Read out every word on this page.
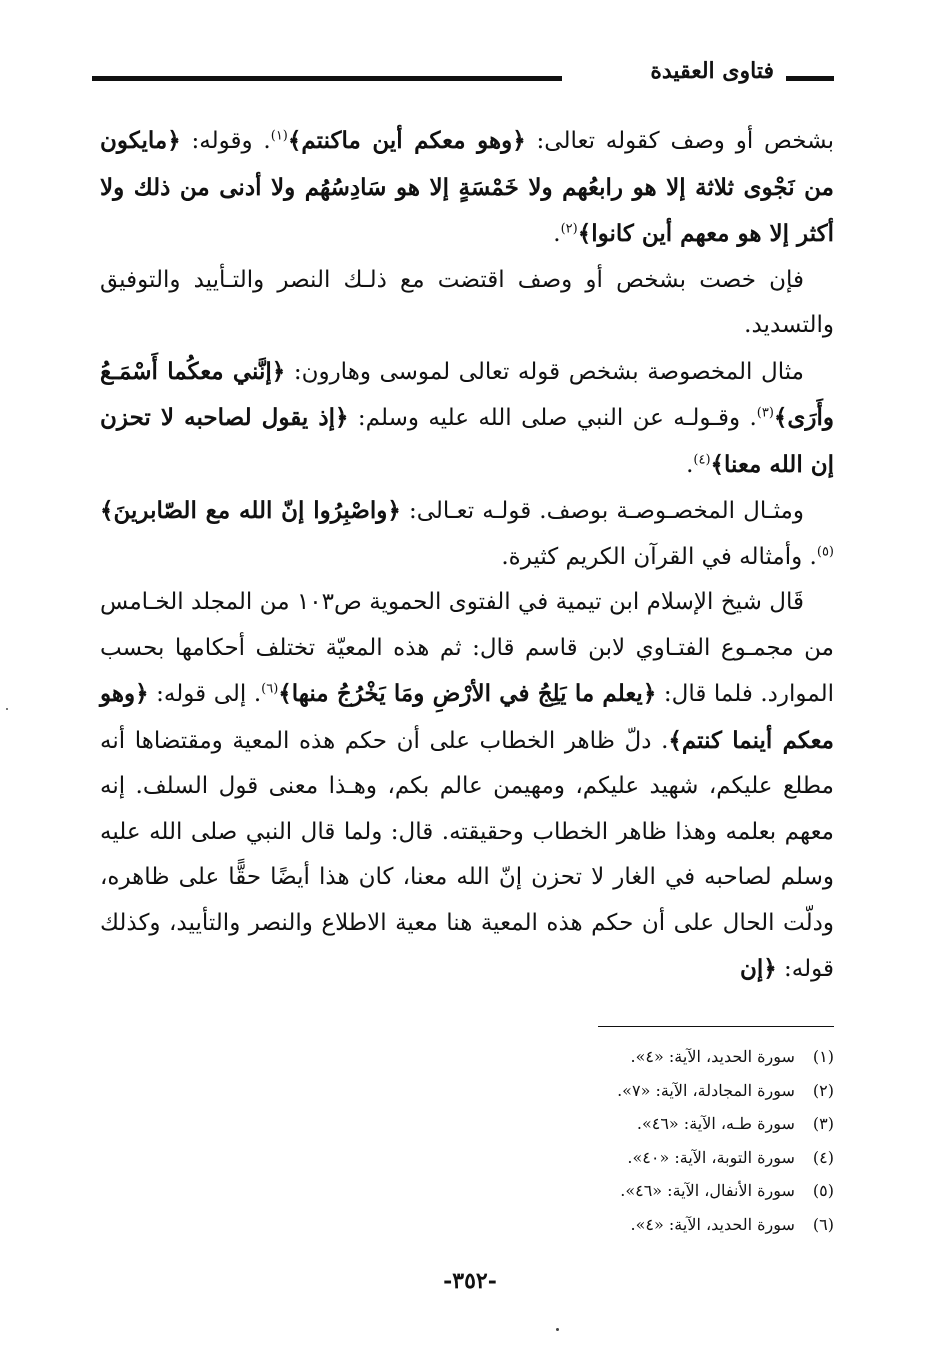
فتاوى العقيدة

بشخص أو وصف كقوله تعالى: ﴿وهو معكم أين ماكنتم﴾$^{(١)}$. وقوله: ﴿مايكون من نَجْوى ثلاثة إلا هو رابعُهم ولا خَمْسَةٍ إلا هو سَادِسُهُم ولا أدنى من ذلك ولا أكثر إلا هو معهم أين كانوا﴾$^{(٢)}$.

فإن خصت بشخص أو وصف اقتضت مع ذلـك النصر والتـأييد والتوفيق والتسديد.

مثال المخصوصة بشخص قوله تعالى لموسى وهارون: ﴿إنَّني معكُما أَسْمَـعُ وأَرَى﴾$^{(٣)}$. وقـولـه عن النبي صلى الله عليه وسلم: ﴿إذ يقول لصاحبه لا تحزن إن الله معنا﴾$^{(٤)}$.

ومثـال المخصـوصـة بوصف. قولـه تعـالى: ﴿واصْبِرُوا إنّ الله مع الصّابرينَ﴾$^{(٥)}$. وأمثاله في القرآن الكريم كثيرة.

قَال شيخ الإسلام ابن تيمية في الفتوى الحموية ص١٠٣ من المجلد الخـامس من مجمـوع الفتـاوي لابن قاسم قال: ثم هذه المعيّة تختلف أحكامها بحسب الموارد. فلما قال: ﴿يعلم ما يَلِجُ في الأرْضِ ومَا يَخْرُجُ منها﴾$^{(٦)}$. إلى قوله: ﴿وهو معكم أينما كنتم﴾. دلّ ظاهر الخطاب على أن حكم هذه المعية ومقتضاها أنه مطلع عليكم، شهيد عليكم، ومهيمن عالم بكم، وهـذا معنى قول السلف. إنه معهم بعلمه وهذا ظاهر الخطاب وحقيقته. قال: ولما قال النبي صلى الله عليه وسلم لصاحبه في الغار لا تحزن إنّ الله معنا، كان هذا أيضًا حقًّا على ظاهره، ودلّت الحال على أن حكم هذه المعية هنا معية الاطلاع والنصر والتأييد، وكذلك قوله: ﴿إن

(١) سورة الحديد، الآية: «٤».
(٢) سورة المجادلة، الآية: «٧».
(٣) سورة طـه، الآية: «٤٦».
(٤) سورة التوبة، الآية: «٤٠».
(٥) سورة الأنفال، الآية: «٤٦».
(٦) سورة الحديد، الآية: «٤».
-٣٥٢-
